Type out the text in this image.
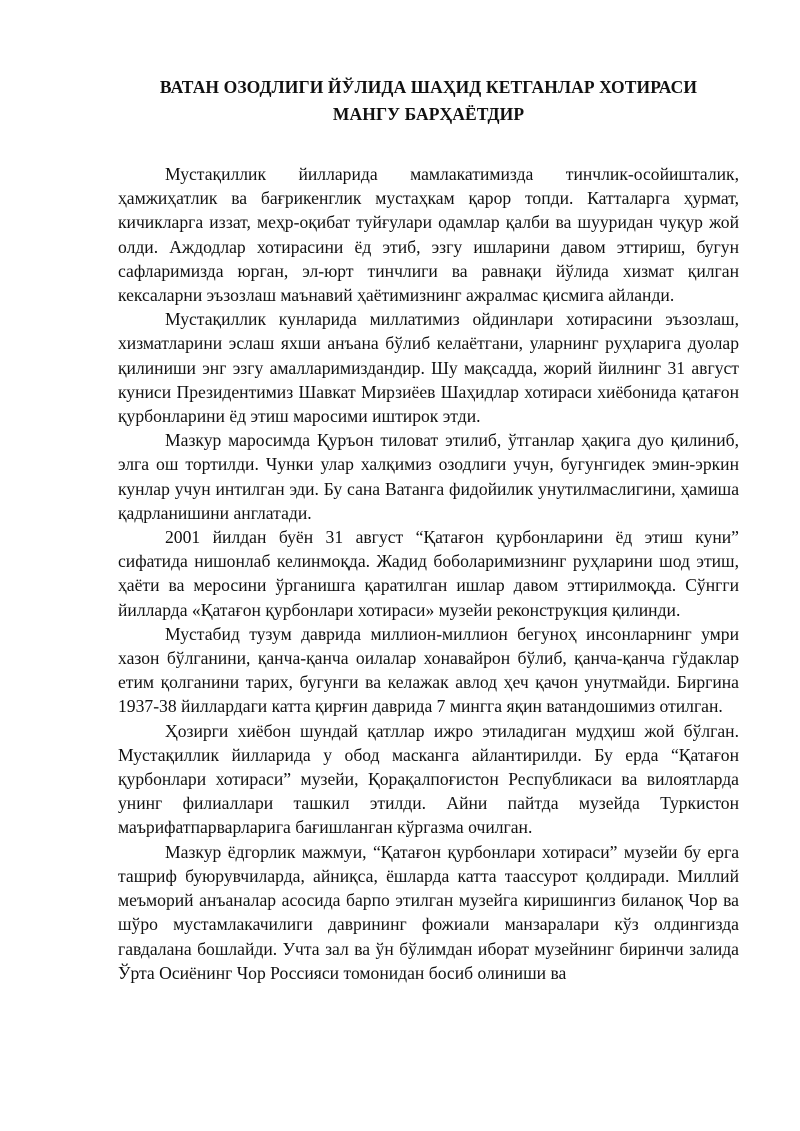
ВАТАН ОЗОДЛИГИ ЙЎЛИДА ШАҲИД КЕТГАНЛАР ХОТИРАСИ
МАНГУ БАРҲАЁТДИР

Мустақиллик йилларида мамлакатимизда тинчлик-осойишталик, ҳамжиҳатлик ва бағрикенглик мустаҳкам қарор топди. Катталарга ҳурмат, кичикларга иззат, меҳр-оқибат туйғулари одамлар қалби ва шууридан чуқур жой олди. Аждодлар хотирасини ёд этиб, эзгу ишларини давом эттириш, бугун сафларимизда юрган, эл-юрт тинчлиги ва равнақи йўлида хизмат қилган кексаларни эъзозлаш маънавий ҳаётимизнинг ажралмас қисмига айланди.

Мустақиллик кунларида миллатимиз ойдинлари хотирасини эъзозлаш, хизматларини эслаш яхши анъана бўлиб келаётгани, уларнинг руҳларига дуолар қилиниши энг эзгу амалларимиздандир. Шу мақсадда, жорий йилнинг 31 август куниси Президентимиз Шавкат Мирзиёев Шаҳидлар хотираси хиёбонида қатағон қурбонларини ёд этиш маросими иштирок этди.

Мазкур маросимда Қуръон тиловат этилиб, ўтганлар ҳақига дуо қилиниб, элга ош тортилди. Чунки улар халқимиз озодлиги учун, бугунгидек эмин-эркин кунлар учун интилган эди. Бу сана Ватанга фидойилик унутилмаслигини, ҳамиша қадрланишини англатади.

2001 йилдан буён 31 август “Қатағон қурбонларини ёд этиш куни” сифатида нишонлаб келинмоқда. Жадид боболаримизнинг руҳларини шод этиш, ҳаёти ва меросини ўрганишга қаратилган ишлар давом эттирилмоқда. Сўнгги йилларда «Қатағон қурбонлари хотираси» музейи реконструкция қилинди.

Мустабид тузум даврида миллион-миллион бегуноҳ инсонларнинг умри хазон бўлганини, қанча-қанча оилалар хонавайрон бўлиб, қанча-қанча гўдаклар етим қолганини тарих, бугунги ва келажак авлод ҳеч қачон унутмайди. Биргина 1937-38 йиллардаги катта қирғин даврида 7 мингга яқин ватандошимиз отилган.

Ҳозирги хиёбон шундай қатллар ижро этиладиган мудҳиш жой бўлган. Мустақиллик йилларида у обод масканга айлантирилди. Бу ерда “Қатағон қурбонлари хотираси” музейи, Қорақалпоғистон Республикаси ва вилоятларда унинг филиаллари ташкил этилди. Айни пайтда музейда Туркистон маърифатпарварларига бағишланган кўргазма очилган.

Мазкур ёдгорлик мажмуи, “Қатағон қурбонлари хотираси” музейи бу ерга ташриф буюрувчиларда, айниқса, ёшларда катта таассурот қолдиради. Миллий меъморий анъаналар асосида барпо этилган музейга киришингиз биланоқ Чор ва шўро мустамлакачилиги даврининг фожиали манзаралари кўз олдингизда гавдалана бошлайди. Учта зал ва ўн бўлимдан иборат музейнинг биринчи залида Ўрта Осиёнинг Чор Россияси томонидан босиб олиниши ва
